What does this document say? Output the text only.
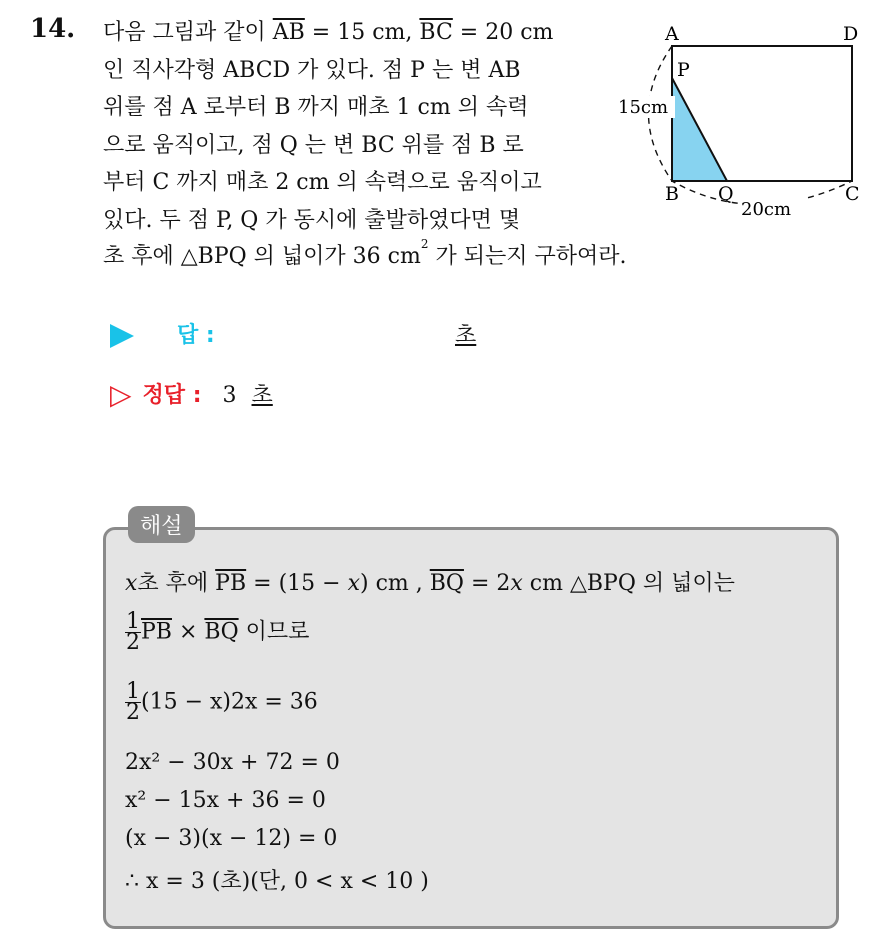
14. 다음 그림과 같이 $\overline{AB} = 15$ cm, $\overline{BC} = 20$ cm
인 직사각형 ABCD 가 있다. 점 P 는 변 AB
위를 점 A 로부터 B 까지 매초 1 cm 의 속력
으로 움직이고, 점 Q 는 변 BC 위를 점 B 로
부터 C 까지 매초 2 cm 의 속력으로 움직이고
있다. 두 점 P, Q 가 동시에 출발하였다면 몇
초 후에 △BPQ 의 넓이가 36 $cm^2$ 가 되는지 구하여라.
A	D
P
B Q	C
15cm
20cm
답 :	초
▷ 정답 : 3 초
해설
x초 후에 $\overline{PB} = (15 - x)$ cm , $\overline{BQ} = 2x$ cm △BPQ 의 넓이는
$\frac{1}{2} \overline{PB} \times \overline{BQ}$ 이므로
$\frac{1}{2} (15 - x)2x = 36$
2x² − 30x + 72 = 0
x² − 15x + 36 = 0
(x − 3)(x − 12) = 0
∴ x = 3 (초)(단, 0 < x < 10 )
